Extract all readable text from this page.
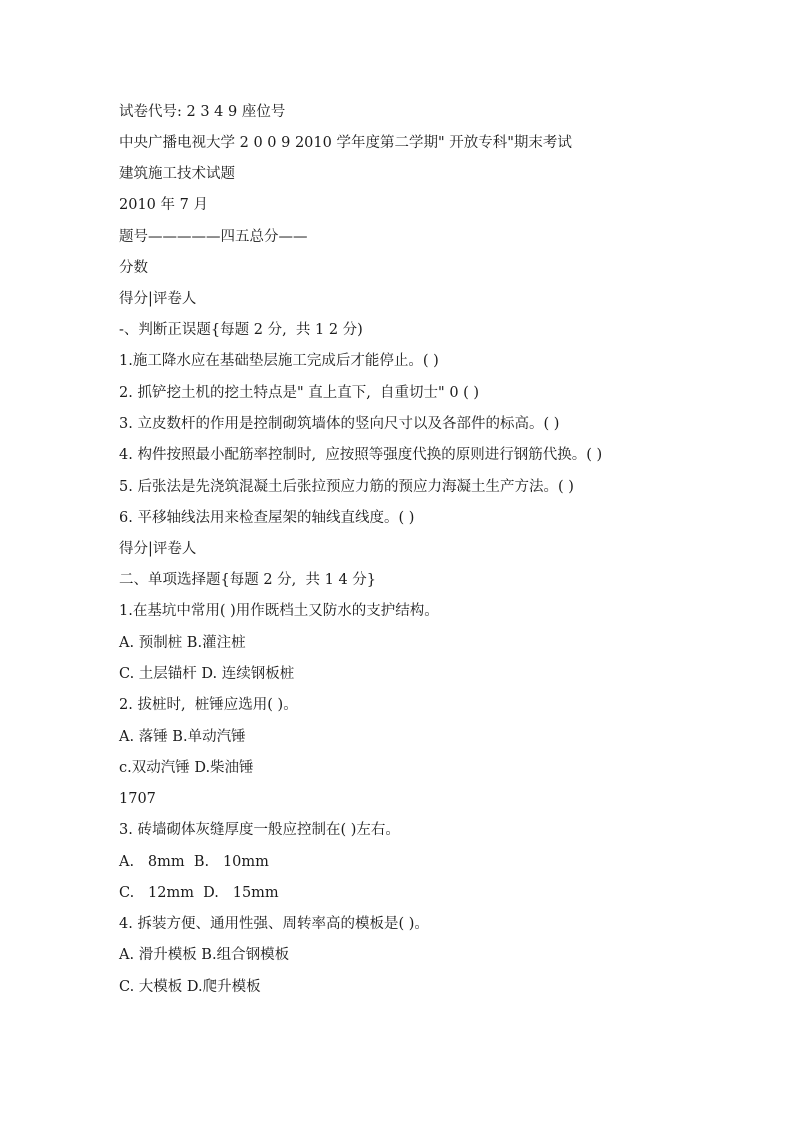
试卷代号: 2 3 4 9 座位号
中央广播电视大学 2 0 0 9 2010 学年度第二学期" 开放专科"期末考试
建筑施工技术试题
2010 年 7 月
题号—————四五总分——
分数
得分|评卷人
-、判断正误题{每题 2 分,  共 1 2 分)
1.施工降水应在基础垫层施工完成后才能停止。( )
2. 抓铲挖土机的挖土特点是" 直上直下,  自重切士" 0 ( )
3. 立皮数杆的作用是控制砌筑墙体的竖向尺寸以及各部件的标高。( )
4. 构件按照最小配筋率控制时,  应按照等强度代换的原则进行钢筋代换。( )
5. 后张法是先浇筑混凝土后张拉预应力筋的预应力海凝土生产方法。( )
6. 平移轴线法用来检查屋架的轴线直线度。( )
得分|评卷人
二、单项选择题{每题 2 分,  共 1 4 分}
1.在基坑中常用( )用作既档土又防水的支护结构。
A. 预制桩 B.灌注桩
C. 土层锚杆 D. 连续钢板桩
2. 拔桩时,  桩锤应选用( )。
A. 落锤 B.单动汽锤
c.双动汽锤 D.柴油锤
1707
3. 砖墙砌体灰缝厚度一般应控制在( )左右。
A.   8mm  B.   10mm
C.   12mm  D.   15mm
4. 拆装方便、通用性强、周转率高的模板是( )。
A. 滑升模板 B.组合钢模板
C. 大模板 D.爬升模板
